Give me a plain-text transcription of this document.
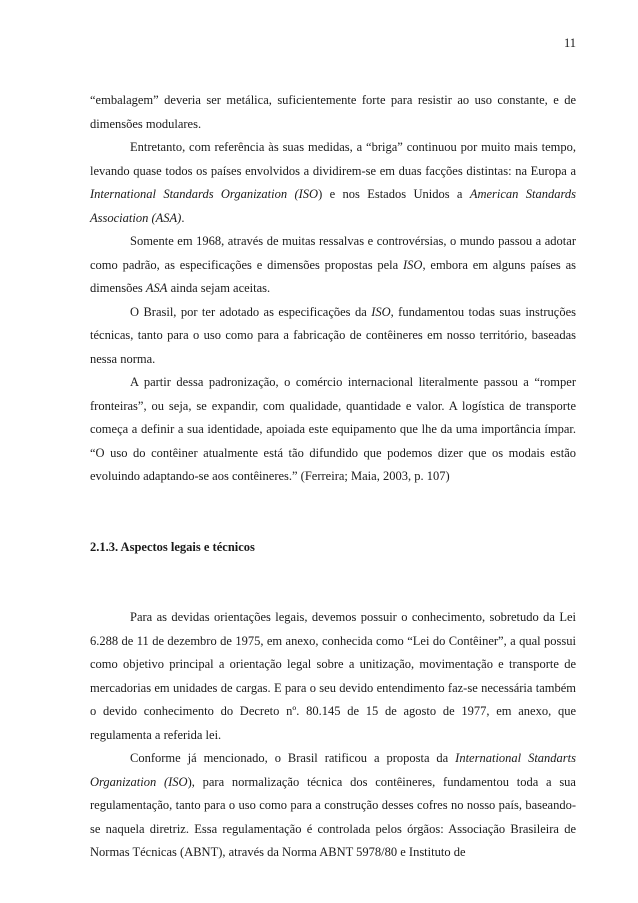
11

“embalagem” deveria ser metálica, suficientemente forte para resistir ao uso constante, e de dimensões modulares.

Entretanto, com referência às suas medidas, a “briga” continuou por muito mais tempo, levando quase todos os países envolvidos a dividirem-se em duas facções distintas: na Europa a International Standards Organization (ISO) e nos Estados Unidos a American Standards Association (ASA).

Somente em 1968, através de muitas ressalvas e controvérsias, o mundo passou a adotar como padrão, as especificações e dimensões propostas pela ISO, embora em alguns países as dimensões ASA ainda sejam aceitas.

O Brasil, por ter adotado as especificações da ISO, fundamentou todas suas instruções técnicas, tanto para o uso como para a fabricação de contêineres em nosso território, baseadas nessa norma.

A partir dessa padronização, o comércio internacional literalmente passou a “romper fronteiras”, ou seja, se expandir, com qualidade, quantidade e valor. A logística de transporte começa a definir a sua identidade, apoiada este equipamento que lhe da uma importância ímpar. “O uso do contêiner atualmente está tão difundido que podemos dizer que os modais estão evoluindo adaptando-se aos contêineres.” (Ferreira; Maia, 2003, p. 107)

2.1.3. Aspectos legais e técnicos

Para as devidas orientações legais, devemos possuir o conhecimento, sobretudo da Lei 6.288 de 11 de dezembro de 1975, em anexo, conhecida como “Lei do Contêiner”, a qual possui como objetivo principal a orientação legal sobre a unitização, movimentação e transporte de mercadorias em unidades de cargas. E para o seu devido entendimento faz-se necessária também o devido conhecimento do Decreto nº. 80.145 de 15 de agosto de 1977, em anexo, que regulamenta a referida lei.

Conforme já mencionado, o Brasil ratificou a proposta da International Standarts Organization (ISO), para normalização técnica dos contêineres, fundamentou toda a sua regulamentação, tanto para o uso como para a construção desses cofres no nosso país, baseando-se naquela diretriz. Essa regulamentação é controlada pelos órgãos: Associação Brasileira de Normas Técnicas (ABNT), através da Norma ABNT 5978/80 e Instituto de
